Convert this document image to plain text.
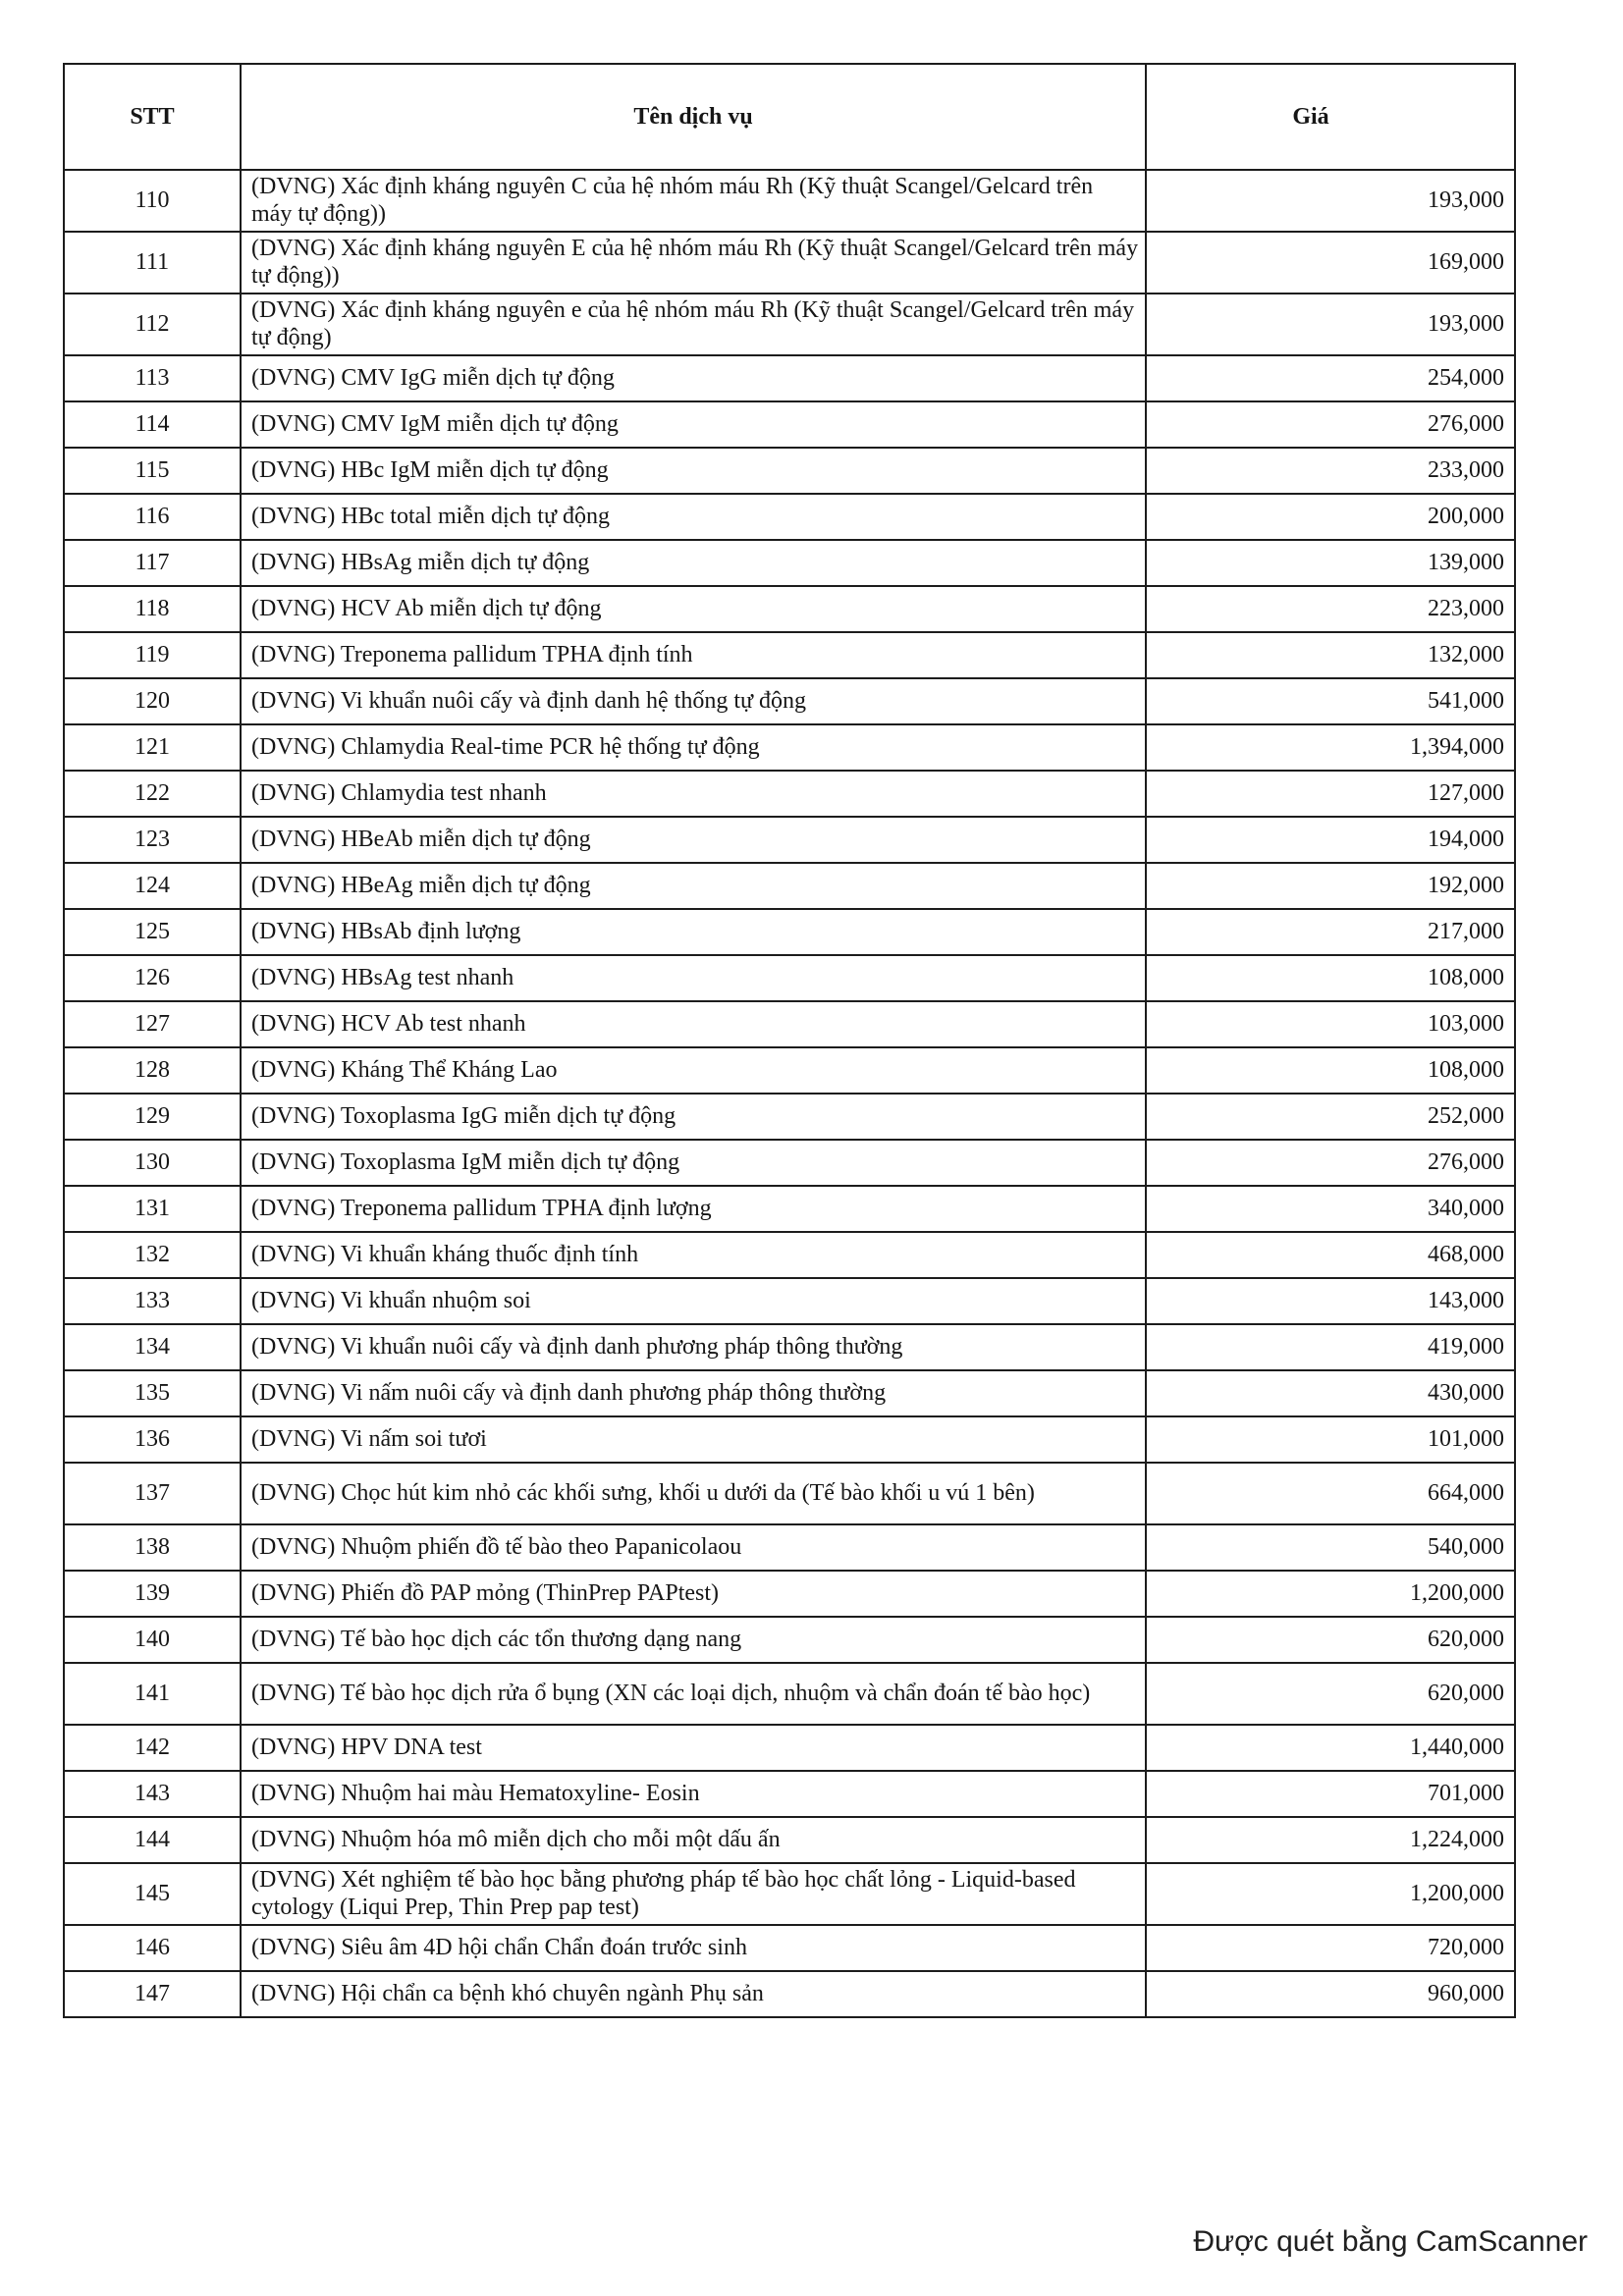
STT	Tên dịch vụ	Giá
110	(DVNG) Xác định kháng nguyên C của hệ nhóm máu Rh (Kỹ thuật Scangel/Gelcard trên máy tự động))	193,000
111	(DVNG) Xác định kháng nguyên E của hệ nhóm máu Rh (Kỹ thuật Scangel/Gelcard trên máy tự động))	169,000
112	(DVNG) Xác định kháng nguyên e của hệ nhóm máu Rh (Kỹ thuật Scangel/Gelcard trên máy tự động)	193,000
113	(DVNG) CMV IgG miễn dịch tự động	254,000
114	(DVNG) CMV IgM miễn dịch tự động	276,000
115	(DVNG) HBc IgM miễn dịch tự động	233,000
116	(DVNG) HBc total miễn dịch tự động	200,000
117	(DVNG) HBsAg miễn dịch tự động	139,000
118	(DVNG) HCV Ab miễn dịch tự động	223,000
119	(DVNG) Treponema pallidum TPHA định tính	132,000
120	(DVNG) Vi khuẩn nuôi cấy và định danh hệ thống tự động	541,000
121	(DVNG) Chlamydia Real-time PCR hệ thống tự động	1,394,000
122	(DVNG) Chlamydia test nhanh	127,000
123	(DVNG) HBeAb miễn dịch tự động	194,000
124	(DVNG) HBeAg miễn dịch tự động	192,000
125	(DVNG) HBsAb định lượng	217,000
126	(DVNG) HBsAg test nhanh	108,000
127	(DVNG) HCV Ab test nhanh	103,000
128	(DVNG) Kháng Thể Kháng Lao	108,000
129	(DVNG) Toxoplasma IgG miễn dịch tự động	252,000
130	(DVNG) Toxoplasma IgM miễn dịch tự động	276,000
131	(DVNG) Treponema pallidum TPHA định lượng	340,000
132	(DVNG) Vi khuẩn kháng thuốc định tính	468,000
133	(DVNG) Vi khuẩn nhuộm soi	143,000
134	(DVNG) Vi khuẩn nuôi cấy và định danh phương pháp thông thường	419,000
135	(DVNG) Vi nấm nuôi cấy và định danh phương pháp thông thường	430,000
136	(DVNG) Vi nấm soi tươi	101,000
137	(DVNG) Chọc hút kim nhỏ các khối sưng, khối u dưới da (Tế bào khối u vú 1 bên)	664,000
138	(DVNG) Nhuộm phiến đồ tế bào theo Papanicolaou	540,000
139	(DVNG) Phiến đồ PAP mỏng (ThinPrep PAPtest)	1,200,000
140	(DVNG) Tế bào học dịch các tổn thương dạng nang	620,000
141	(DVNG) Tế bào học dịch rửa ổ bụng (XN các loại dịch, nhuộm và chẩn đoán tế bào học)	620,000
142	(DVNG) HPV DNA test	1,440,000
143	(DVNG) Nhuộm hai màu Hematoxyline- Eosin	701,000
144	(DVNG) Nhuộm hóa mô miễn dịch cho mỗi một dấu ấn	1,224,000
145	(DVNG) Xét nghiệm tế bào học bằng phương pháp tế bào học chất lỏng - Liquid-based cytology (Liqui Prep, Thin Prep pap test)	1,200,000
146	(DVNG) Siêu âm 4D hội chẩn Chẩn đoán trước sinh	720,000
147	(DVNG) Hội chẩn ca bệnh khó chuyên ngành Phụ sản	960,000
Được quét bằng CamScanner
